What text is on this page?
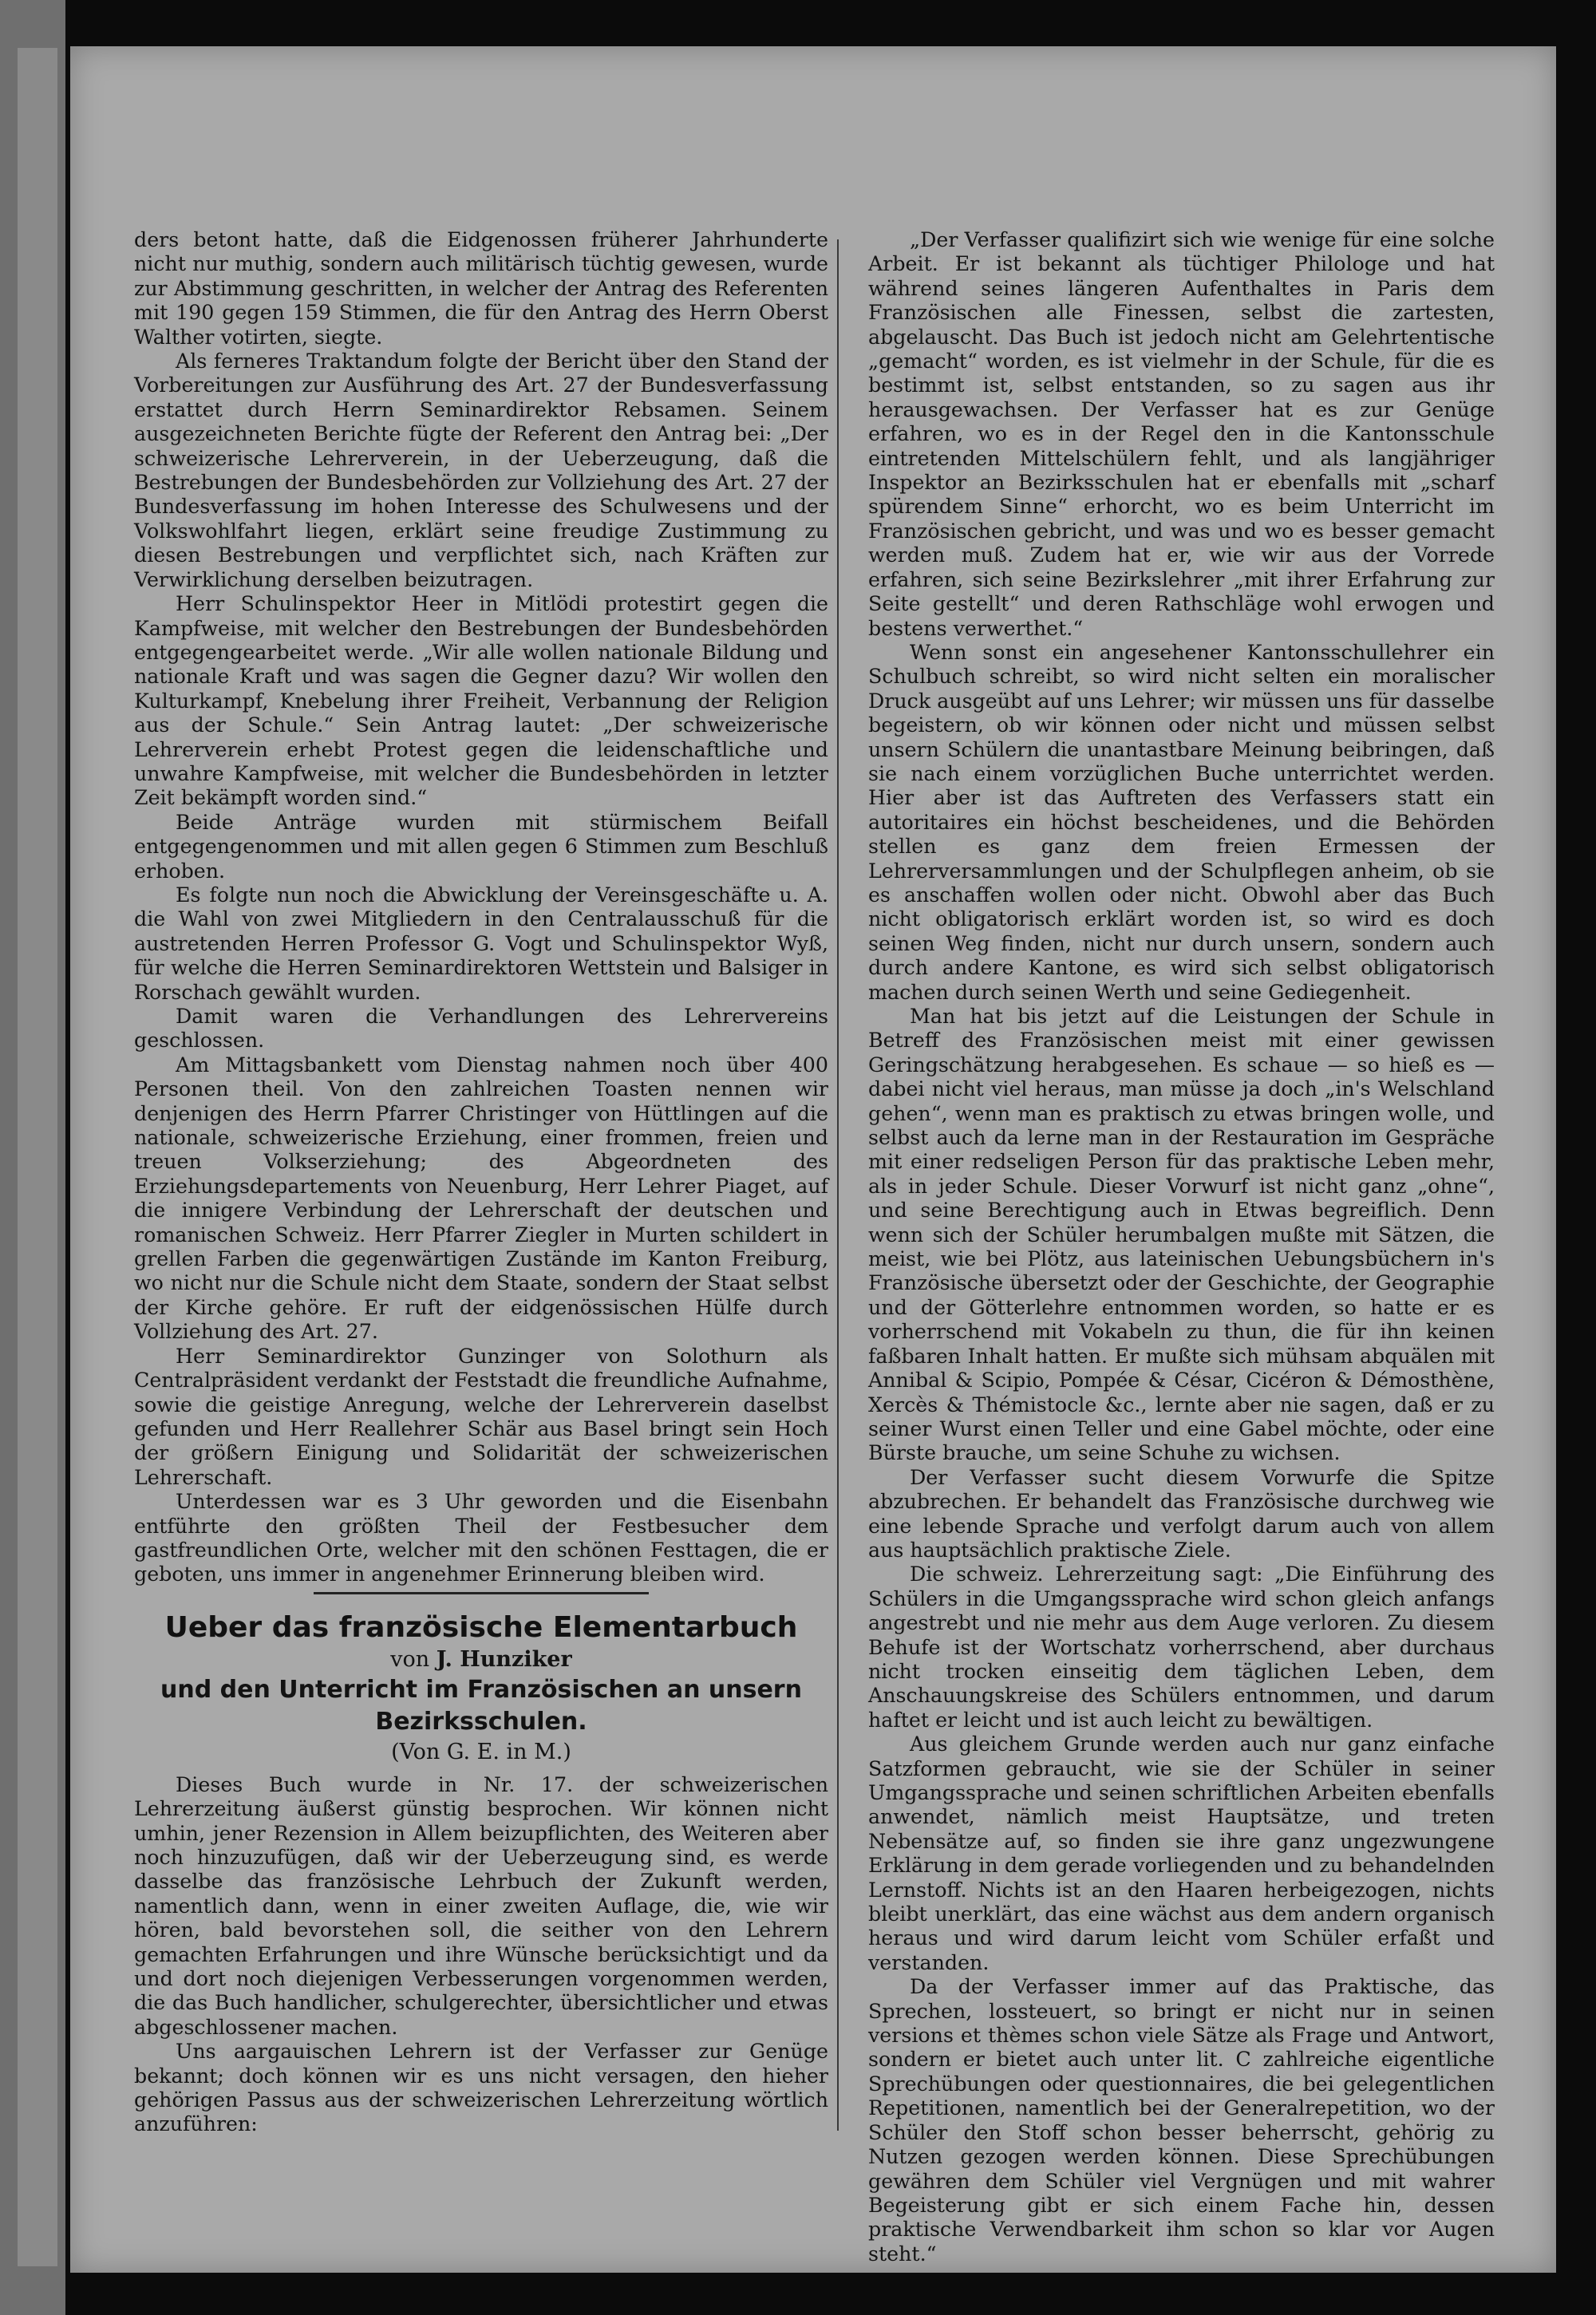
ders betont hatte, daß die Eidgenossen früherer Jahrhunderte nicht nur muthig, sondern auch militärisch tüchtig gewesen, wurde zur Abstimmung geschritten, in welcher der Antrag des Referenten mit 190 gegen 159 Stimmen, die für den Antrag des Herrn Oberst Walther votirten, siegte.

Als ferneres Traktandum folgte der Bericht über den Stand der Vorbereitungen zur Ausführung des Art. 27 der Bundesverfassung erstattet durch Herrn Seminardirektor Rebsamen. Seinem ausgezeichneten Berichte fügte der Referent den Antrag bei: „Der schweizerische Lehrerverein, in der Ueberzeugung, daß die Bestrebungen der Bundesbehörden zur Vollziehung des Art. 27 der Bundesverfassung im hohen Interesse des Schulwesens und der Volkswohlfahrt liegen, erklärt seine freudige Zustimmung zu diesen Bestrebungen und verpflichtet sich, nach Kräften zur Verwirklichung derselben beizutragen.

Herr Schulinspektor Heer in Mitlödi protestirt gegen die Kampfweise, mit welcher den Bestrebungen der Bundesbehörden entgegengearbeitet werde. „Wir alle wollen nationale Bildung und nationale Kraft und was sagen die Gegner dazu? Wir wollen den Kulturkampf, Knebelung ihrer Freiheit, Verbannung der Religion aus der Schule.“ Sein Antrag lautet: „Der schweizerische Lehrerverein erhebt Protest gegen die leidenschaftliche und unwahre Kampfweise, mit welcher die Bundesbehörden in letzter Zeit bekämpft worden sind.“

Beide Anträge wurden mit stürmischem Beifall entgegengenommen und mit allen gegen 6 Stimmen zum Beschluß erhoben.

Es folgte nun noch die Abwicklung der Vereinsgeschäfte u. A. die Wahl von zwei Mitgliedern in den Centralausschuß für die austretenden Herren Professor G. Vogt und Schulinspektor Wyß, für welche die Herren Seminardirektoren Wettstein und Balsiger in Rorschach gewählt wurden.

Damit waren die Verhandlungen des Lehrervereins geschlossen.

Am Mittagsbankett vom Dienstag nahmen noch über 400 Personen theil. Von den zahlreichen Toasten nennen wir denjenigen des Herrn Pfarrer Christinger von Hüttlingen auf die nationale, schweizerische Erziehung, einer frommen, freien und treuen Volkserziehung; des Abgeordneten des Erziehungsdepartements von Neuenburg, Herr Lehrer Piaget, auf die innigere Verbindung der Lehrerschaft der deutschen und romanischen Schweiz. Herr Pfarrer Ziegler in Murten schildert in grellen Farben die gegenwärtigen Zustände im Kanton Freiburg, wo nicht nur die Schule nicht dem Staate, sondern der Staat selbst der Kirche gehöre. Er ruft der eidgenössischen Hülfe durch Vollziehung des Art. 27.

Herr Seminardirektor Gunzinger von Solothurn als Centralpräsident verdankt der Feststadt die freundliche Aufnahme, sowie die geistige Anregung, welche der Lehrerverein daselbst gefunden und Herr Reallehrer Schär aus Basel bringt sein Hoch der größern Einigung und Solidarität der schweizerischen Lehrerschaft.

Unterdessen war es 3 Uhr geworden und die Eisenbahn entführte den größten Theil der Festbesucher dem gastfreundlichen Orte, welcher mit den schönen Festtagen, die er geboten, uns immer in angenehmer Erinnerung bleiben wird.

Ueber das französische Elementarbuch
von J. Hunziker
und den Unterricht im Französischen an unsern Bezirksschulen.
(Von G. E. in M.)

Dieses Buch wurde in Nr. 17. der schweizerischen Lehrerzeitung äußerst günstig besprochen. Wir können nicht umhin, jener Rezension in Allem beizupflichten, des Weiteren aber noch hinzuzufügen, daß wir der Ueberzeugung sind, es werde dasselbe das französische Lehrbuch der Zukunft werden, namentlich dann, wenn in einer zweiten Auflage, die, wie wir hören, bald bevorstehen soll, die seither von den Lehrern gemachten Erfahrungen und ihre Wünsche berücksichtigt und da und dort noch diejenigen Verbesserungen vorgenommen werden, die das Buch handlicher, schulgerechter, übersichtlicher und etwas abgeschlossener machen.

Uns aargauischen Lehrern ist der Verfasser zur Genüge bekannt; doch können wir es uns nicht versagen, den hieher gehörigen Passus aus der schweizerischen Lehrerzeitung wörtlich anzuführen:

„Der Verfasser qualifizirt sich wie wenige für eine solche Arbeit. Er ist bekannt als tüchtiger Philologe und hat während seines längeren Aufenthaltes in Paris dem Französischen alle Finessen, selbst die zartesten, abgelauscht. Das Buch ist jedoch nicht am Gelehrtentische „gemacht“ worden, es ist vielmehr in der Schule, für die es bestimmt ist, selbst entstanden, so zu sagen aus ihr herausgewachsen. Der Verfasser hat es zur Genüge erfahren, wo es in der Regel den in die Kantonsschule eintretenden Mittelschülern fehlt, und als langjähriger Inspektor an Bezirksschulen hat er ebenfalls mit „scharf spürendem Sinne“ erhorcht, wo es beim Unterricht im Französischen gebricht, und was und wo es besser gemacht werden muß. Zudem hat er, wie wir aus der Vorrede erfahren, sich seine Bezirkslehrer „mit ihrer Erfahrung zur Seite gestellt“ und deren Rathschläge wohl erwogen und bestens verwerthet.“

Wenn sonst ein angesehener Kantonsschullehrer ein Schulbuch schreibt, so wird nicht selten ein moralischer Druck ausgeübt auf uns Lehrer; wir müssen uns für dasselbe begeistern, ob wir können oder nicht und müssen selbst unsern Schülern die unantastbare Meinung beibringen, daß sie nach einem vorzüglichen Buche unterrichtet werden. Hier aber ist das Auftreten des Verfassers statt ein autoritaires ein höchst bescheidenes, und die Behörden stellen es ganz dem freien Ermessen der Lehrerversammlungen und der Schulpflegen anheim, ob sie es anschaffen wollen oder nicht. Obwohl aber das Buch nicht obligatorisch erklärt worden ist, so wird es doch seinen Weg finden, nicht nur durch unsern, sondern auch durch andere Kantone, es wird sich selbst obligatorisch machen durch seinen Werth und seine Gediegenheit.

Man hat bis jetzt auf die Leistungen der Schule in Betreff des Französischen meist mit einer gewissen Geringschätzung herabgesehen. Es schaue — so hieß es — dabei nicht viel heraus, man müsse ja doch „in's Welschland gehen“, wenn man es praktisch zu etwas bringen wolle, und selbst auch da lerne man in der Restauration im Gespräche mit einer redseligen Person für das praktische Leben mehr, als in jeder Schule. Dieser Vorwurf ist nicht ganz „ohne“, und seine Berechtigung auch in Etwas begreiflich. Denn wenn sich der Schüler herumbalgen mußte mit Sätzen, die meist, wie bei Plötz, aus lateinischen Uebungsbüchern in's Französische übersetzt oder der Geschichte, der Geographie und der Götterlehre entnommen worden, so hatte er es vorherrschend mit Vokabeln zu thun, die für ihn keinen faßbaren Inhalt hatten. Er mußte sich mühsam abquälen mit Annibal & Scipio, Pompée & César, Cicéron & Démosthène, Xercès & Thémistocle &c., lernte aber nie sagen, daß er zu seiner Wurst einen Teller und eine Gabel möchte, oder eine Bürste brauche, um seine Schuhe zu wichsen.

Der Verfasser sucht diesem Vorwurfe die Spitze abzubrechen. Er behandelt das Französische durchweg wie eine lebende Sprache und verfolgt darum auch von allem aus hauptsächlich praktische Ziele.

Die schweiz. Lehrerzeitung sagt: „Die Einführung des Schülers in die Umgangssprache wird schon gleich anfangs angestrebt und nie mehr aus dem Auge verloren. Zu diesem Behufe ist der Wortschatz vorherrschend, aber durchaus nicht trocken einseitig dem täglichen Leben, dem Anschauungskreise des Schülers entnommen, und darum haftet er leicht und ist auch leicht zu bewältigen.

Aus gleichem Grunde werden auch nur ganz einfache Satzformen gebraucht, wie sie der Schüler in seiner Umgangssprache und seinen schriftlichen Arbeiten ebenfalls anwendet, nämlich meist Hauptsätze, und treten Nebensätze auf, so finden sie ihre ganz ungezwungene Erklärung in dem gerade vorliegenden und zu behandelnden Lernstoff. Nichts ist an den Haaren herbeigezogen, nichts bleibt unerklärt, das eine wächst aus dem andern organisch heraus und wird darum leicht vom Schüler erfaßt und verstanden.

Da der Verfasser immer auf das Praktische, das Sprechen, lossteuert, so bringt er nicht nur in seinen versions et thèmes schon viele Sätze als Frage und Antwort, sondern er bietet auch unter lit. C zahlreiche eigentliche Sprechübungen oder questionnaires, die bei gelegentlichen Repetitionen, namentlich bei der Generalrepetition, wo der Schüler den Stoff schon besser beherrscht, gehörig zu Nutzen gezogen werden können. Diese Sprechübungen gewähren dem Schüler viel Vergnügen und mit wahrer Begeisterung gibt er sich einem Fache hin, dessen praktische Verwendbarkeit ihm schon so klar vor Augen steht.“
